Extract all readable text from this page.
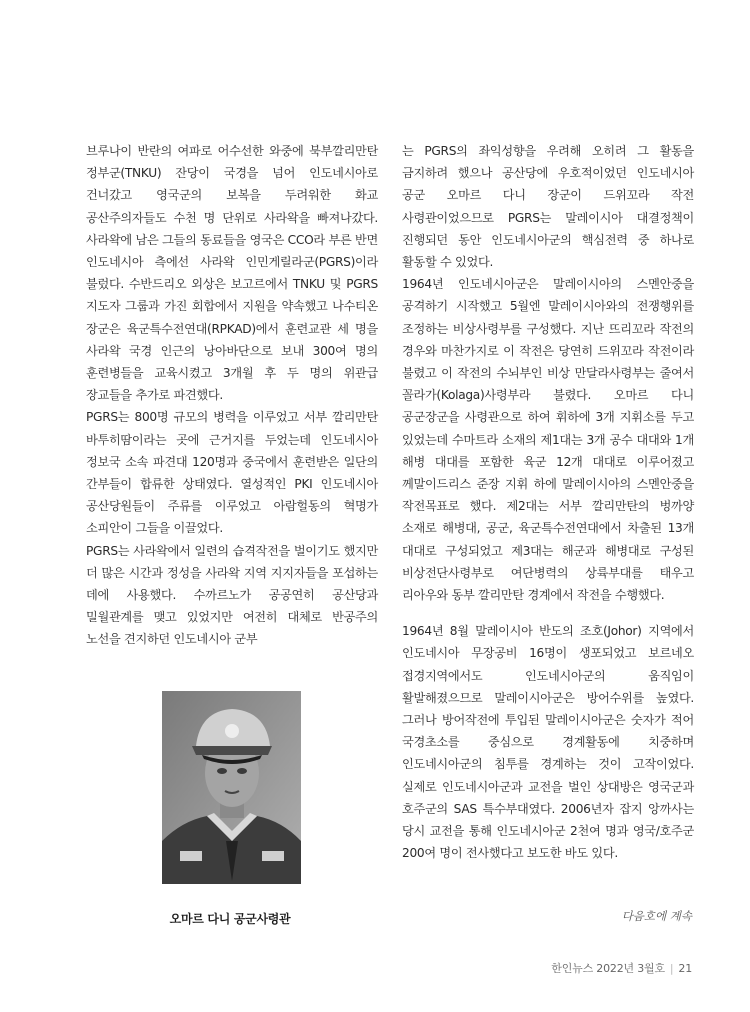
브루나이 반란의 여파로 어수선한 와중에 북부깔리만탄 정부군(TNKU) 잔당이 국경을 넘어 인도네시아로 건너갔고 영국군의 보복을 두려워한 화교 공산주의자들도 수천 명 단위로 사라왁을 빠져나갔다. 사라왁에 남은 그들의 동료들을 영국은 CCO라 부른 반면 인도네시아 측에선 사라왁 인민게릴라군(PGRS)이라 불렀다. 수반드리오 외상은 보고르에서 TNKU 및 PGRS 지도자 그룹과 가진 회합에서 지원을 약속했고 나수티온 장군은 육군특수전연대(RPKAD)에서 훈련교관 세 명을 사라왁 국경 인근의 낭아바단으로 보내 300여 명의 훈련병들을 교육시켰고 3개월 후 두 명의 위관급 장교들을 추가로 파견했다.

PGRS는 800명 규모의 병력을 이루었고 서부 깔리만탄 바투히땀이라는 곳에 근거지를 두었는데 인도네시아 정보국 소속 파견대 120명과 중국에서 훈련받은 일단의 간부들이 합류한 상태였다. 열성적인 PKI 인도네시아 공산당원들이 주류를 이루었고 아람헐동의 혁명가 소피안이 그들을 이끌었다.

PGRS는 사라왁에서 일련의 습격작전을 벌이기도 했지만 더 많은 시간과 정성을 사라왁 지역 지지자들을 포섭하는 데에 사용했다. 수까르노가 공공연히 공산당과 밀월관계를 맺고 있었지만 여전히 대체로 반공주의 노선을 견지하던 인도네시아 군부

는 PGRS의 좌익성향을 우려해 오히려 그 활동을 금지하려 했으나 공산당에 우호적이었던 인도네시아 공군 오마르 다니 장군이 드위꼬라 작전 사령관이었으므로 PGRS는 말레이시아 대결정책이 진행되던 동안 인도네시아군의 핵심전력 중 하나로 활동할 수 있었다.

1964년 인도네시아군은 말레이시아의 스멘안중을 공격하기 시작했고 5월엔 말레이시아와의 전쟁행위를 조정하는 비상사령부를 구성했다. 지난 뜨리꼬라 작전의 경우와 마찬가지로 이 작전은 당연히 드위꼬라 작전이라 불렸고 이 작전의 수뇌부인 비상 만달라사령부는 줄여서 꼴라가(Kolaga)사령부라 불렸다. 오마르 다니 공군장군을 사령관으로 하여 휘하에 3개 지휘소를 두고 있었는데 수마트라 소재의 제1대는 3개 공수 대대와 1개 해병 대대를 포함한 육군 12개 대대로 이루어졌고 께말이드리스 준장 지휘 하에 말레이시아의 스멘안중을 작전목표로 했다. 제2대는 서부 깔리만탄의 벙까양 소재로 해병대, 공군, 육군특수전연대에서 차출된 13개 대대로 구성되었고 제3대는 해군과 해병대로 구성된 비상전단사령부로 여단병력의 상륙부대를 태우고 리아우와 동부 깔리만탄 경계에서 작전을 수행했다.

1964년 8월 말레이시아 반도의 조호(Johor) 지역에서 인도네시아 무장공비 16명이 생포되었고 보르네오 접경지역에서도 인도네시아군의 움직임이 활발해졌으므로 말레이시아군은 방어수위를 높였다. 그러나 방어작전에 투입된 말레이시아군은 숫자가 적어 국경초소를 중심으로 경계활동에 치중하며 인도네시아군의 침투를 경계하는 것이 고작이었다. 실제로 인도네시아군과 교전을 벌인 상대방은 영국군과 호주군의 SAS 특수부대였다. 2006년자 잡지 앙까사는 당시 교전을 통해 인도네시아군 2천여 명과 영국/호주군 200여 명이 전사했다고 보도한 바도 있다.

오마르 다니 공군사령관	다음호에 계속
한인뉴스 2022년 3월호 | 21
